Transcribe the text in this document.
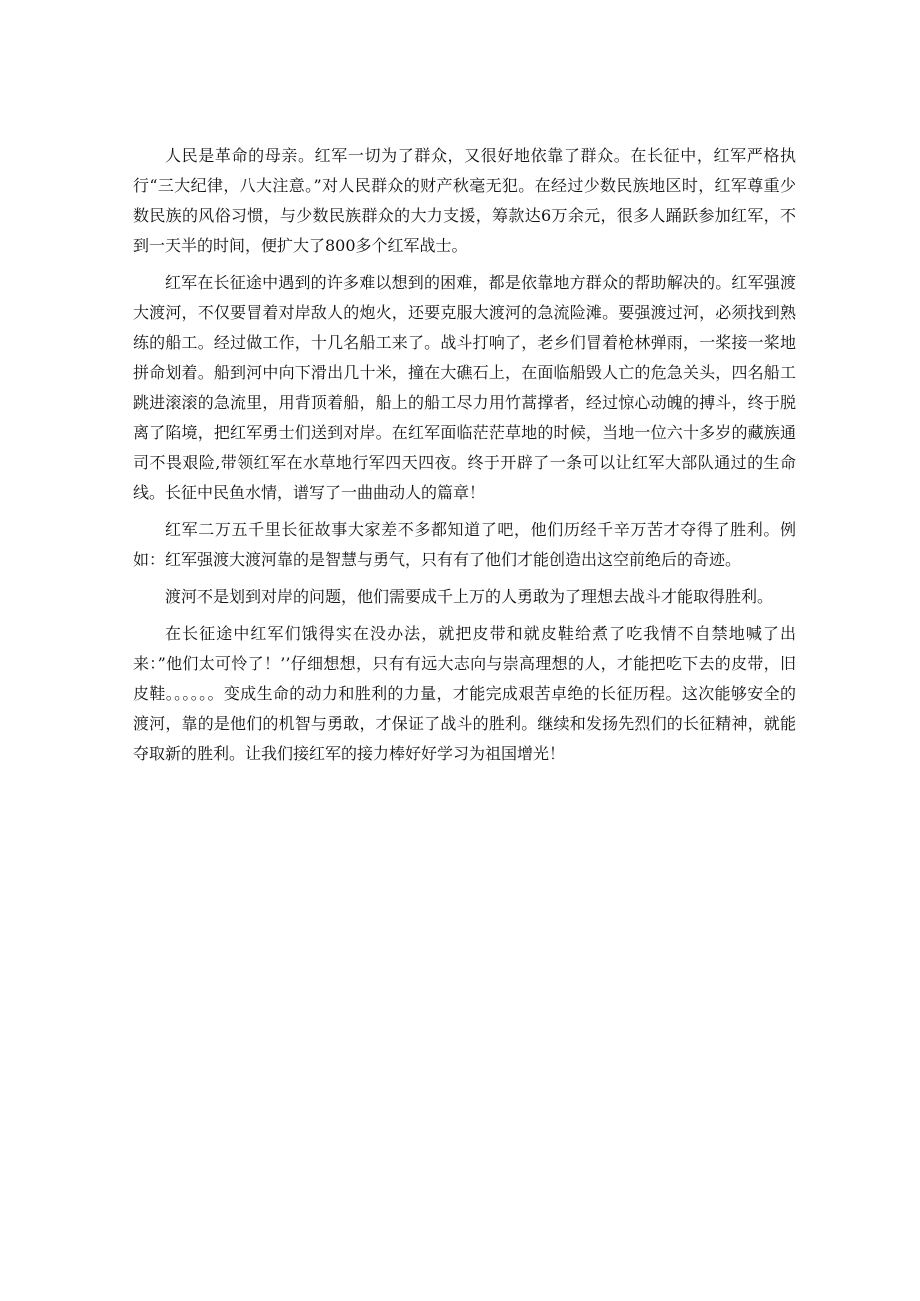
人民是革命的母亲。红军一切为了群众，又很好地依靠了群众。在长征中，红军严格执行“三大纪律，八大注意。”对人民群众的财产秋毫无犯。在经过少数民族地区时，红军尊重少数民族的风俗习惯，与少数民族群众的大力支援，筹款达6万余元，很多人踊跃参加红军，不到一天半的时间，便扩大了800多个红军战士。

红军在长征途中遇到的许多难以想到的困难，都是依靠地方群众的帮助解决的。红军强渡大渡河，不仅要冒着对岸敌人的炮火，还要克服大渡河的急流险滩。要强渡过河，必须找到熟练的船工。经过做工作，十几名船工来了。战斗打响了，老乡们冒着枪林弹雨，一桨接一桨地拼命划着。船到河中向下滑出几十米，撞在大礁石上，在面临船毁人亡的危急关头，四名船工跳进滚滚的急流里，用背顶着船，船上的船工尽力用竹蒿撑者，经过惊心动魄的搏斗，终于脱离了陷境，把红军勇士们送到对岸。在红军面临茫茫草地的时候，当地一位六十多岁的藏族通司不畏艰险,带领红军在水草地行军四天四夜。终于开辟了一条可以让红军大部队通过的生命线。长征中民鱼水情，谱写了一曲曲动人的篇章！

红军二万五千里长征故事大家差不多都知道了吧，他们历经千辛万苦才夺得了胜利。例如：红军强渡大渡河靠的是智慧与勇气，只有有了他们才能创造出这空前绝后的奇迹。

渡河不是划到对岸的问题，他们需要成千上万的人勇敢为了理想去战斗才能取得胜利。

在长征途中红军们饿得实在没办法，就把皮带和就皮鞋给煮了吃我情不自禁地喊了出来：”他们太可怜了！’’仔细想想，只有有远大志向与崇高理想的人，才能把吃下去的皮带，旧皮鞋。。。。。。变成生命的动力和胜利的力量，才能完成艰苦卓绝的长征历程。这次能够安全的渡河，靠的是他们的机智与勇敢，才保证了战斗的胜利。继续和发扬先烈们的长征精神，就能夺取新的胜利。让我们接红军的接力棒好好学习为祖国增光！
